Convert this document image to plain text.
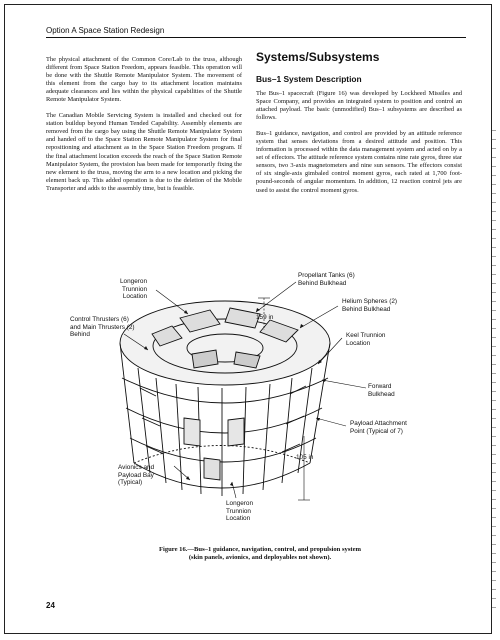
Option A Space Station Redesign

The physical attachment of the Common Core/Lab to the truss, although different from Space Station Freedom, appears feasible. This operation will be done with the Shuttle Remote Manipulator System. The movement of this element from the cargo bay to its attachment location maintains adequate clearances and lies within the physical capabilities of the Shuttle Remote Manipulator System.

The Canadian Mobile Servicing System is installed and checked out for station buildup beyond Human Tended Capability. Assembly elements are removed from the cargo bay using the Shuttle Remote Manipulator System and handed off to the Space Station Remote Manipulator System for final repositioning and attachment as in the Space Station Freedom program. If the final attachment location exceeds the reach of the Space Station Remote Manipulator System, the provision has been made for temporarily fixing the new element to the truss, moving the arm to a new location and picking the element back up. This added operation is due to the deletion of the Mobile Transporter and adds to the assembly time, but is feasible.

Systems/Subsystems
Bus–1 System Description

The Bus–1 spacecraft (Figure 16) was developed by Lockheed Missiles and Space Company, and provides an integrated system to position and control an attached payload. The basic (unmodified) Bus–1 subsystems are described as follows.

Bus–1 guidance, navigation, and control are provided by an attitude reference system that senses deviations from a desired attitude and position. This information is processed within the data management system and acted on by a set of effectors. The attitude reference system contains nine rate gyros, three star sensors, two 3-axis magnetometers and nine sun sensors. The effectors consist of six single-axis gimbaled control moment gyros, each rated at 1,700 foot-pound-seconds of angular momentum. In addition, 12 reaction control jets are used to assist the control moment gyros.

Longeron
Trunnion
Location
Propellant Tanks (6)
Behind Bulkhead
Helium Spheres (2)
Behind Bulkhead
159 in
Control Thrusters (6)
and Main Thrusters (2)
Behind	Keel Trunnion
Location
Forward
Bulkhead
Payload Attachment
Point (Typical of 7)
105 in
Avionics and
Payload Bay
(Typical)
Longeron
Trunnion
Location
Figure 16.—Bus–1 guidance, navigation, control, and propulsion system
(skin panels, avionics, and deployables not shown).
24
